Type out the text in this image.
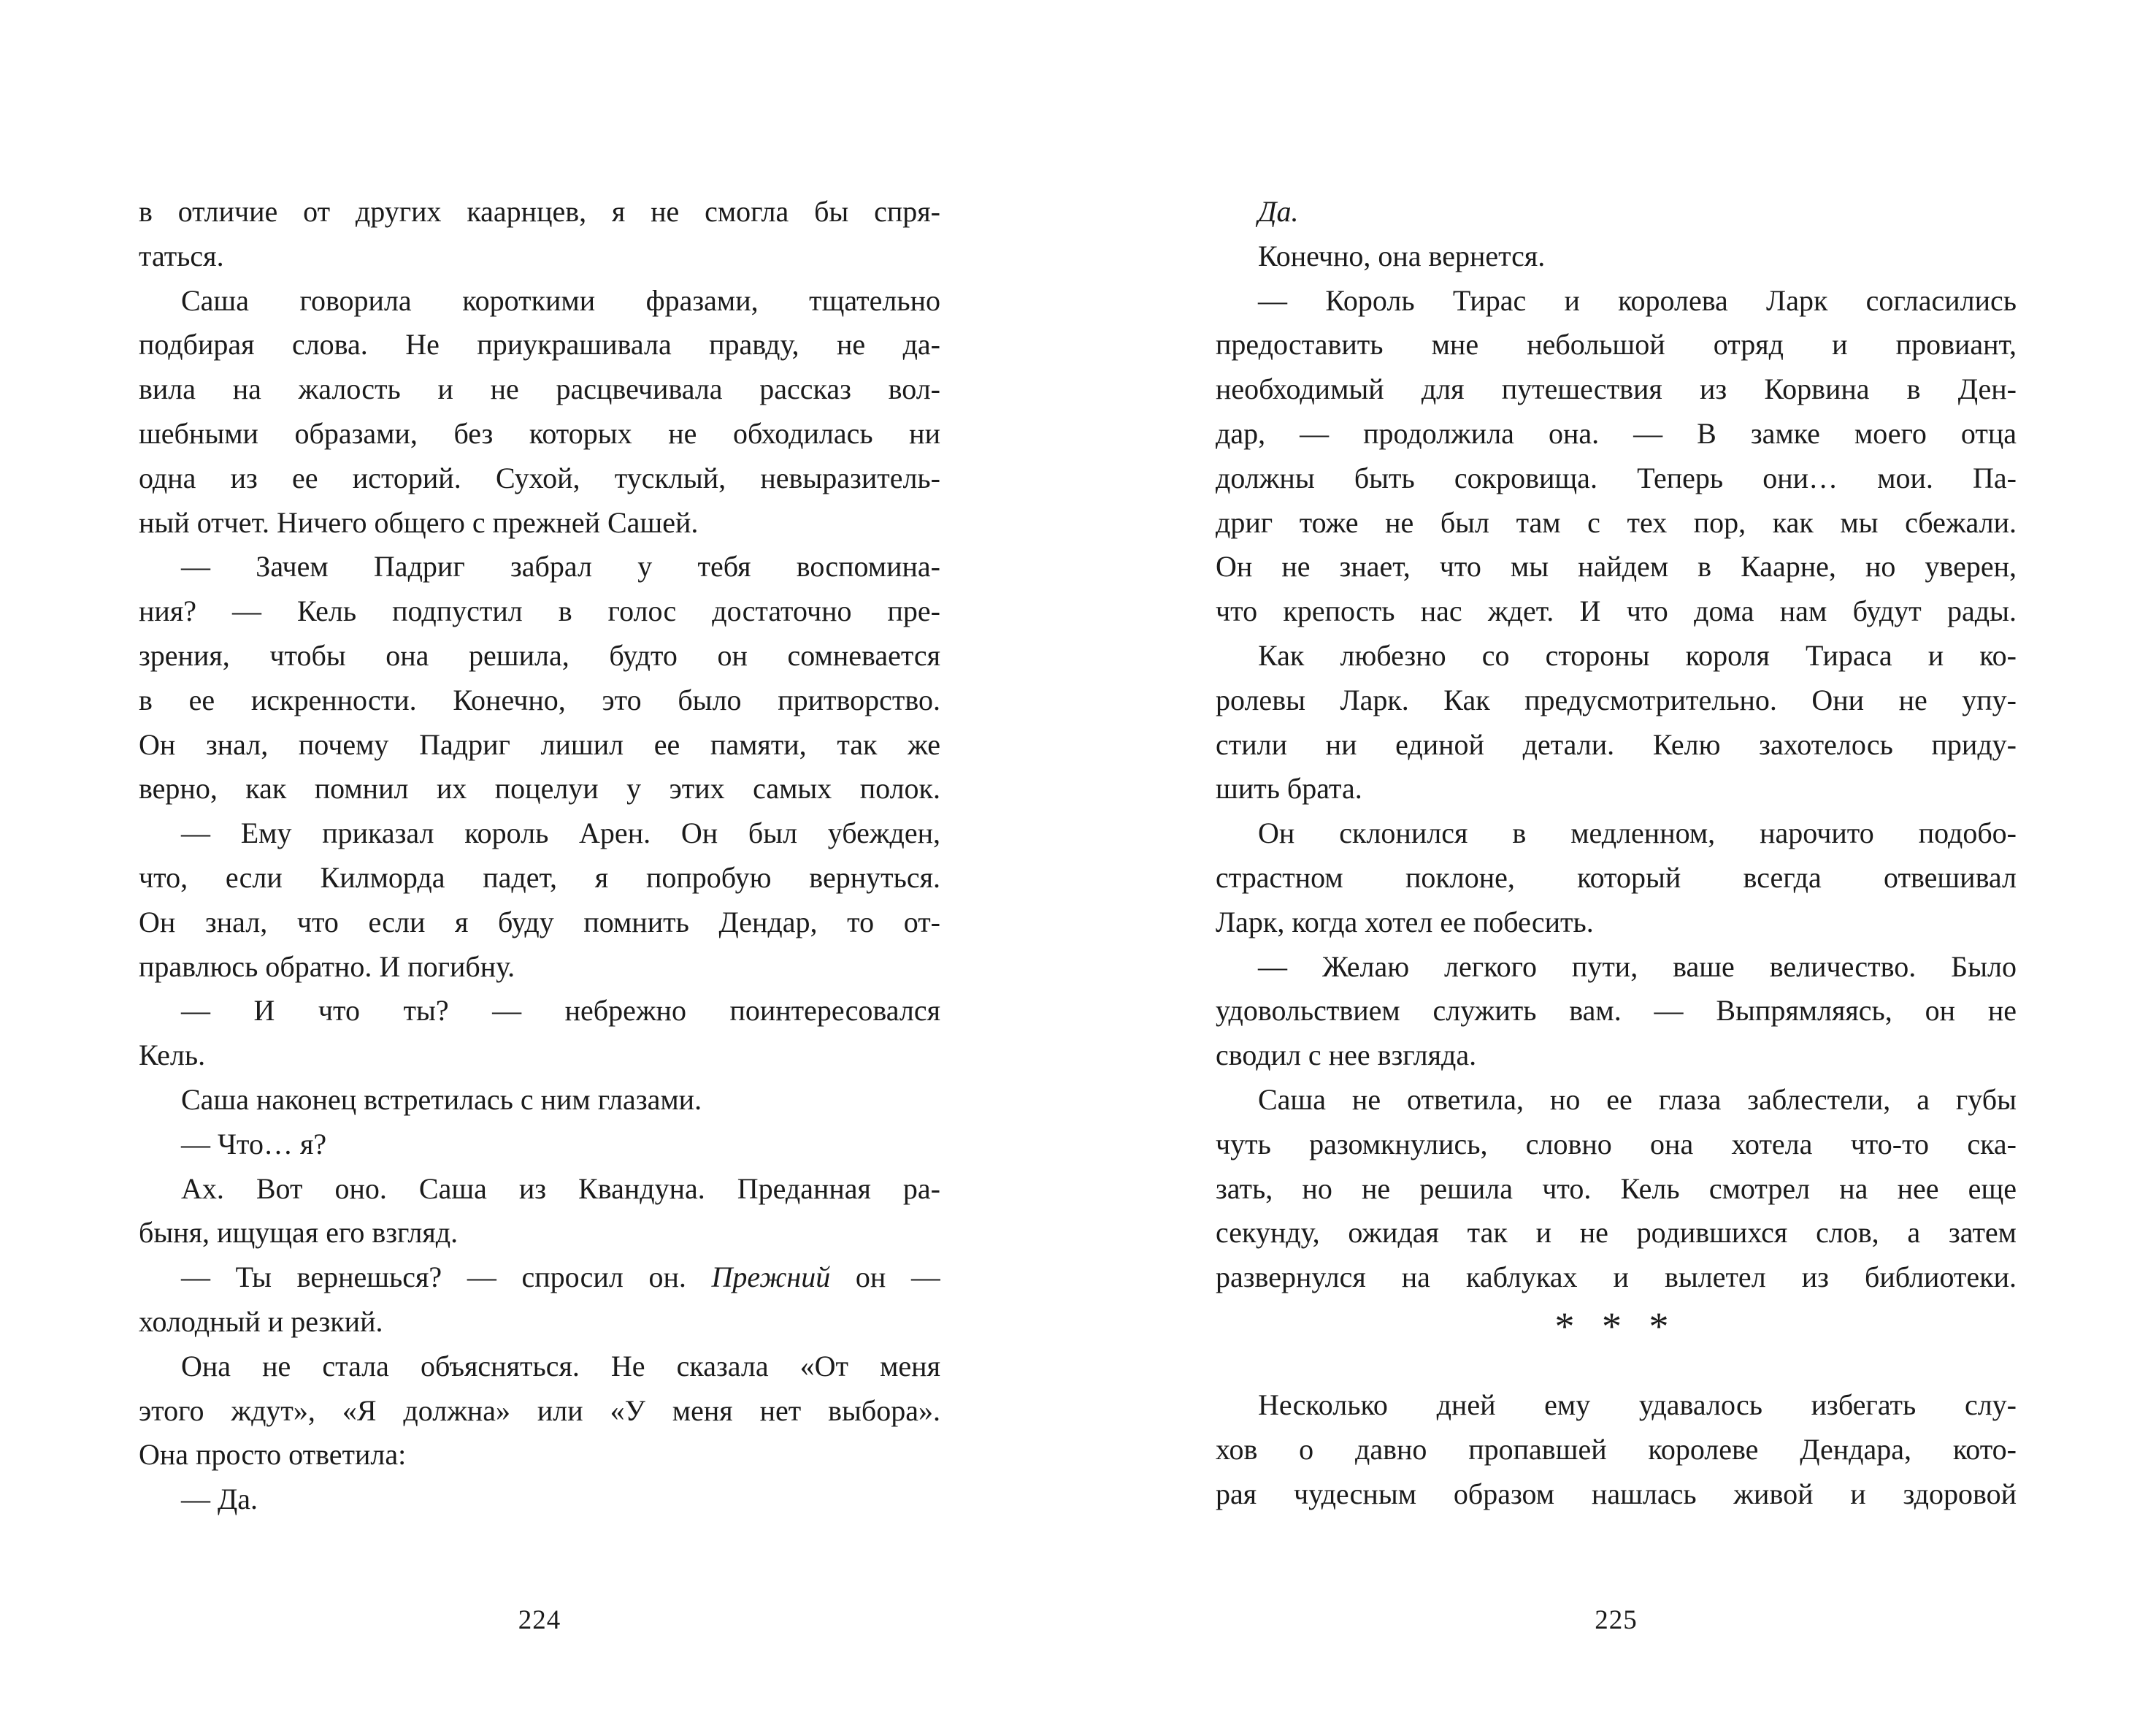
в отличие от других каарнцев, я не смогла бы спря-
таться.
Саша говорила короткими фразами, тщательно
подбирая слова. Не приукрашивала правду, не да-
вила на жалость и не расцвечивала рассказ вол-
шебными образами, без которых не обходилась ни
одна из ее историй. Сухой, тусклый, невыразитель-
ный отчет. Ничего общего с прежней Сашей.
— Зачем Падриг забрал у тебя воспомина-
ния? — Кель подпустил в голос достаточно пре-
зрения, чтобы она решила, будто он сомневается
в ее искренности. Конечно, это было притворство.
Он знал, почему Падриг лишил ее памяти, так же
верно, как помнил их поцелуи у этих самых полок.
— Ему приказал король Арен. Он был убежден,
что, если Килморда падет, я попробую вернуться.
Он знал, что если я буду помнить Дендар, то от-
правлюсь обратно. И погибну.
— И что ты? — небрежно поинтересовался
Кель.
Саша наконец встретилась с ним глазами.
— Что… я?
Ах. Вот оно. Саша из Квандуна. Преданная ра-
быня, ищущая его взгляд.
— Ты вернешься? — спросил он. Прежний он —
холодный и резкий.
Она не стала объясняться. Не сказала «От меня
этого ждут», «Я должна» или «У меня нет выбора».
Она просто ответила:
— Да.
Да.
Конечно, она вернется.
— Король Тирас и королева Ларк согласились
предоставить мне небольшой отряд и провиант,
необходимый для путешествия из Корвина в Ден-
дар, — продолжила она. — В замке моего отца
должны быть сокровища. Теперь они… мои. Па-
дриг тоже не был там с тех пор, как мы сбежали.
Он не знает, что мы найдем в Каарне, но уверен,
что крепость нас ждет. И что дома нам будут рады.
Как любезно со стороны короля Тираса и ко-
ролевы Ларк. Как предусмотрительно. Они не упу-
стили ни единой детали. Келю захотелось приду-
шить брата.
Он склонился в медленном, нарочито подобо-
страстном поклоне, который всегда отвешивал
Ларк, когда хотел ее побесить.
— Желаю легкого пути, ваше величество. Было
удовольствием служить вам. — Выпрямляясь, он не
сводил с нее взгляда.
Саша не ответила, но ее глаза заблестели, а губы
чуть разомкнулись, словно она хотела что-то ска-
зать, но не решила что. Кель смотрел на нее еще
секунду, ожидая так и не родившихся слов, а затем
развернулся на каблуках и вылетел из библиотеки.
* * *
Несколько дней ему удавалось избегать слу-
хов о давно пропавшей королеве Дендара, кото-
рая чудесным образом нашлась живой и здоровой
224	225
